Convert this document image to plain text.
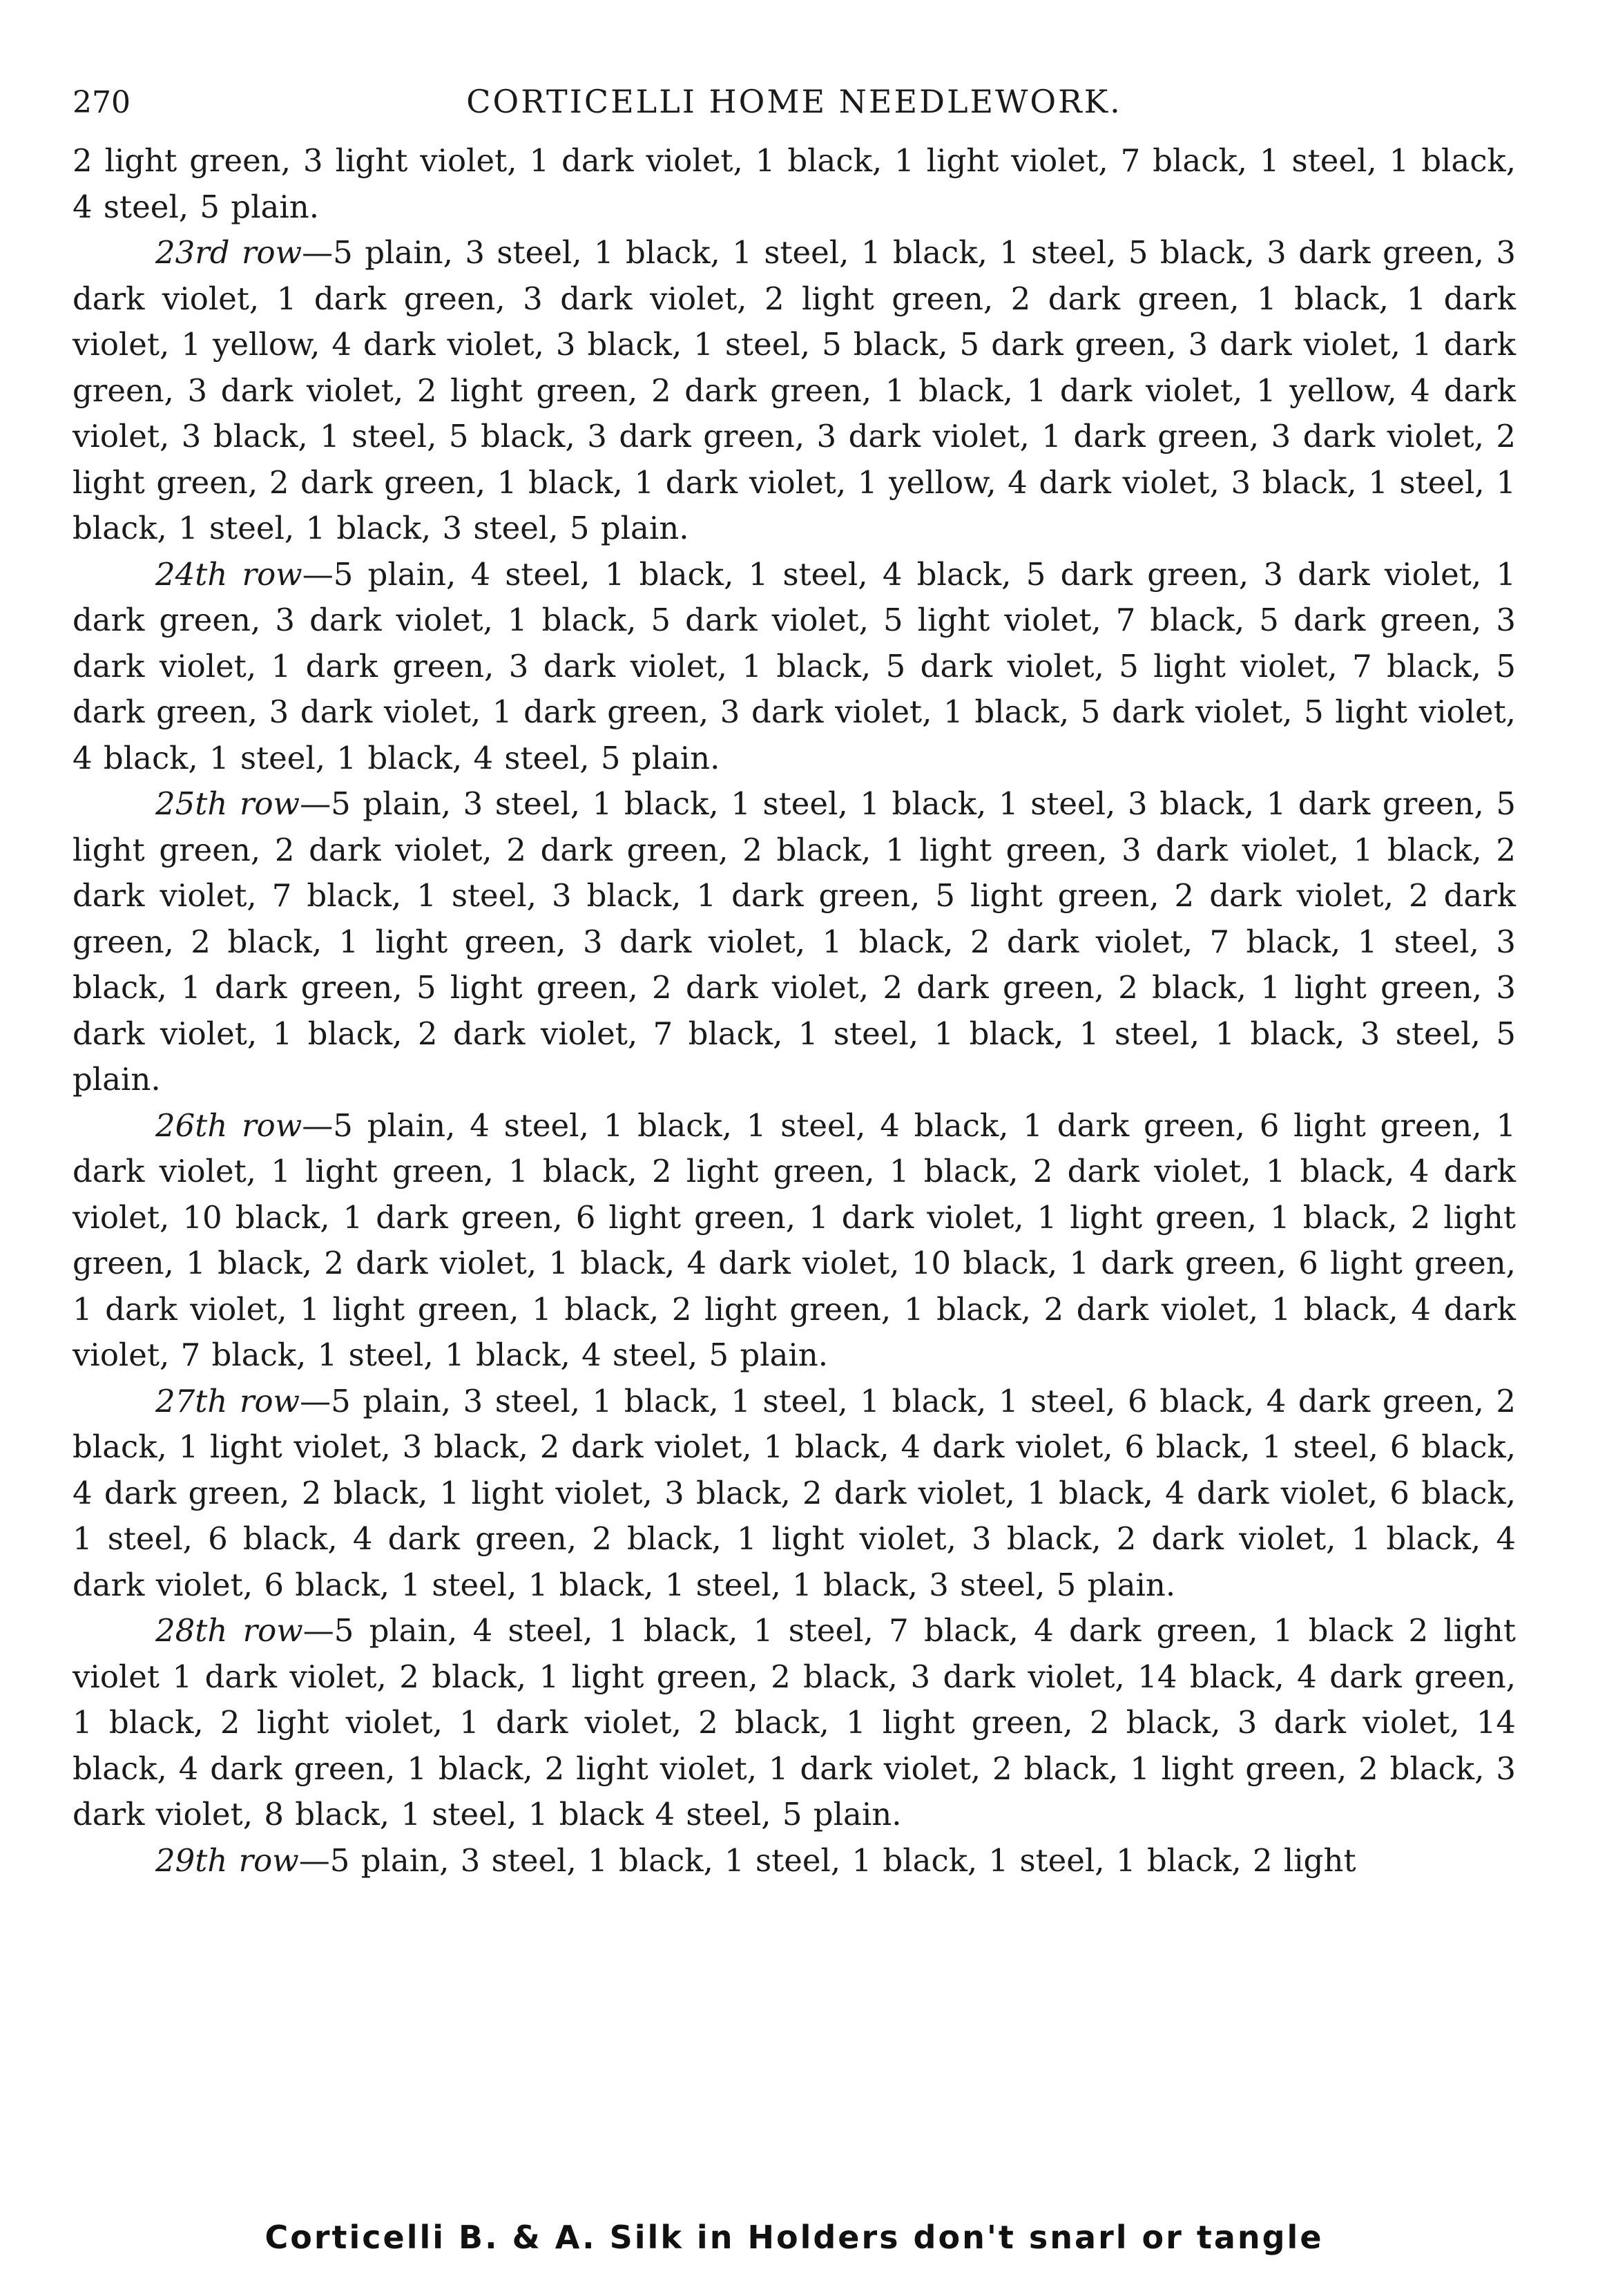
270	CORTICELLI HOME NEEDLEWORK.

2 light green, 3 light violet, 1 dark violet, 1 black, 1 light violet, 7 black, 1 steel, 1 black, 4 steel, 5 plain.

23rd row—5 plain, 3 steel, 1 black, 1 steel, 1 black, 1 steel, 5 black, 3 dark green, 3 dark violet, 1 dark green, 3 dark violet, 2 light green, 2 dark green, 1 black, 1 dark violet, 1 yellow, 4 dark violet, 3 black, 1 steel, 5 black, 5 dark green, 3 dark violet, 1 dark green, 3 dark violet, 2 light green, 2 dark green, 1 black, 1 dark violet, 1 yellow, 4 dark violet, 3 black, 1 steel, 5 black, 3 dark green, 3 dark violet, 1 dark green, 3 dark violet, 2 light green, 2 dark green, 1 black, 1 dark violet, 1 yellow, 4 dark violet, 3 black, 1 steel, 1 black, 1 steel, 1 black, 3 steel, 5 plain.

24th row—5 plain, 4 steel, 1 black, 1 steel, 4 black, 5 dark green, 3 dark violet, 1 dark green, 3 dark violet, 1 black, 5 dark violet, 5 light violet, 7 black, 5 dark green, 3 dark violet, 1 dark green, 3 dark violet, 1 black, 5 dark violet, 5 light violet, 7 black, 5 dark green, 3 dark violet, 1 dark green, 3 dark violet, 1 black, 5 dark violet, 5 light violet, 4 black, 1 steel, 1 black, 4 steel, 5 plain.

25th row—5 plain, 3 steel, 1 black, 1 steel, 1 black, 1 steel, 3 black, 1 dark green, 5 light green, 2 dark violet, 2 dark green, 2 black, 1 light green, 3 dark violet, 1 black, 2 dark violet, 7 black, 1 steel, 3 black, 1 dark green, 5 light green, 2 dark violet, 2 dark green, 2 black, 1 light green, 3 dark violet, 1 black, 2 dark violet, 7 black, 1 steel, 3 black, 1 dark green, 5 light green, 2 dark violet, 2 dark green, 2 black, 1 light green, 3 dark violet, 1 black, 2 dark violet, 7 black, 1 steel, 1 black, 1 steel, 1 black, 3 steel, 5 plain.

26th row—5 plain, 4 steel, 1 black, 1 steel, 4 black, 1 dark green, 6 light green, 1 dark violet, 1 light green, 1 black, 2 light green, 1 black, 2 dark violet, 1 black, 4 dark violet, 10 black, 1 dark green, 6 light green, 1 dark violet, 1 light green, 1 black, 2 light green, 1 black, 2 dark violet, 1 black, 4 dark violet, 10 black, 1 dark green, 6 light green, 1 dark violet, 1 light green, 1 black, 2 light green, 1 black, 2 dark violet, 1 black, 4 dark violet, 7 black, 1 steel, 1 black, 4 steel, 5 plain.

27th row—5 plain, 3 steel, 1 black, 1 steel, 1 black, 1 steel, 6 black, 4 dark green, 2 black, 1 light violet, 3 black, 2 dark violet, 1 black, 4 dark violet, 6 black, 1 steel, 6 black, 4 dark green, 2 black, 1 light violet, 3 black, 2 dark violet, 1 black, 4 dark violet, 6 black, 1 steel, 6 black, 4 dark green, 2 black, 1 light violet, 3 black, 2 dark violet, 1 black, 4 dark violet, 6 black, 1 steel, 1 black, 1 steel, 1 black, 3 steel, 5 plain.

28th row—5 plain, 4 steel, 1 black, 1 steel, 7 black, 4 dark green, 1 black 2 light violet 1 dark violet, 2 black, 1 light green, 2 black, 3 dark violet, 14 black, 4 dark green, 1 black, 2 light violet, 1 dark violet, 2 black, 1 light green, 2 black, 3 dark violet, 14 black, 4 dark green, 1 black, 2 light violet, 1 dark violet, 2 black, 1 light green, 2 black, 3 dark violet, 8 black, 1 steel, 1 black 4 steel, 5 plain.

29th row—5 plain, 3 steel, 1 black, 1 steel, 1 black, 1 steel, 1 black, 2 light

Corticelli B. & A. Silk in Holders don't snarl or tangle
